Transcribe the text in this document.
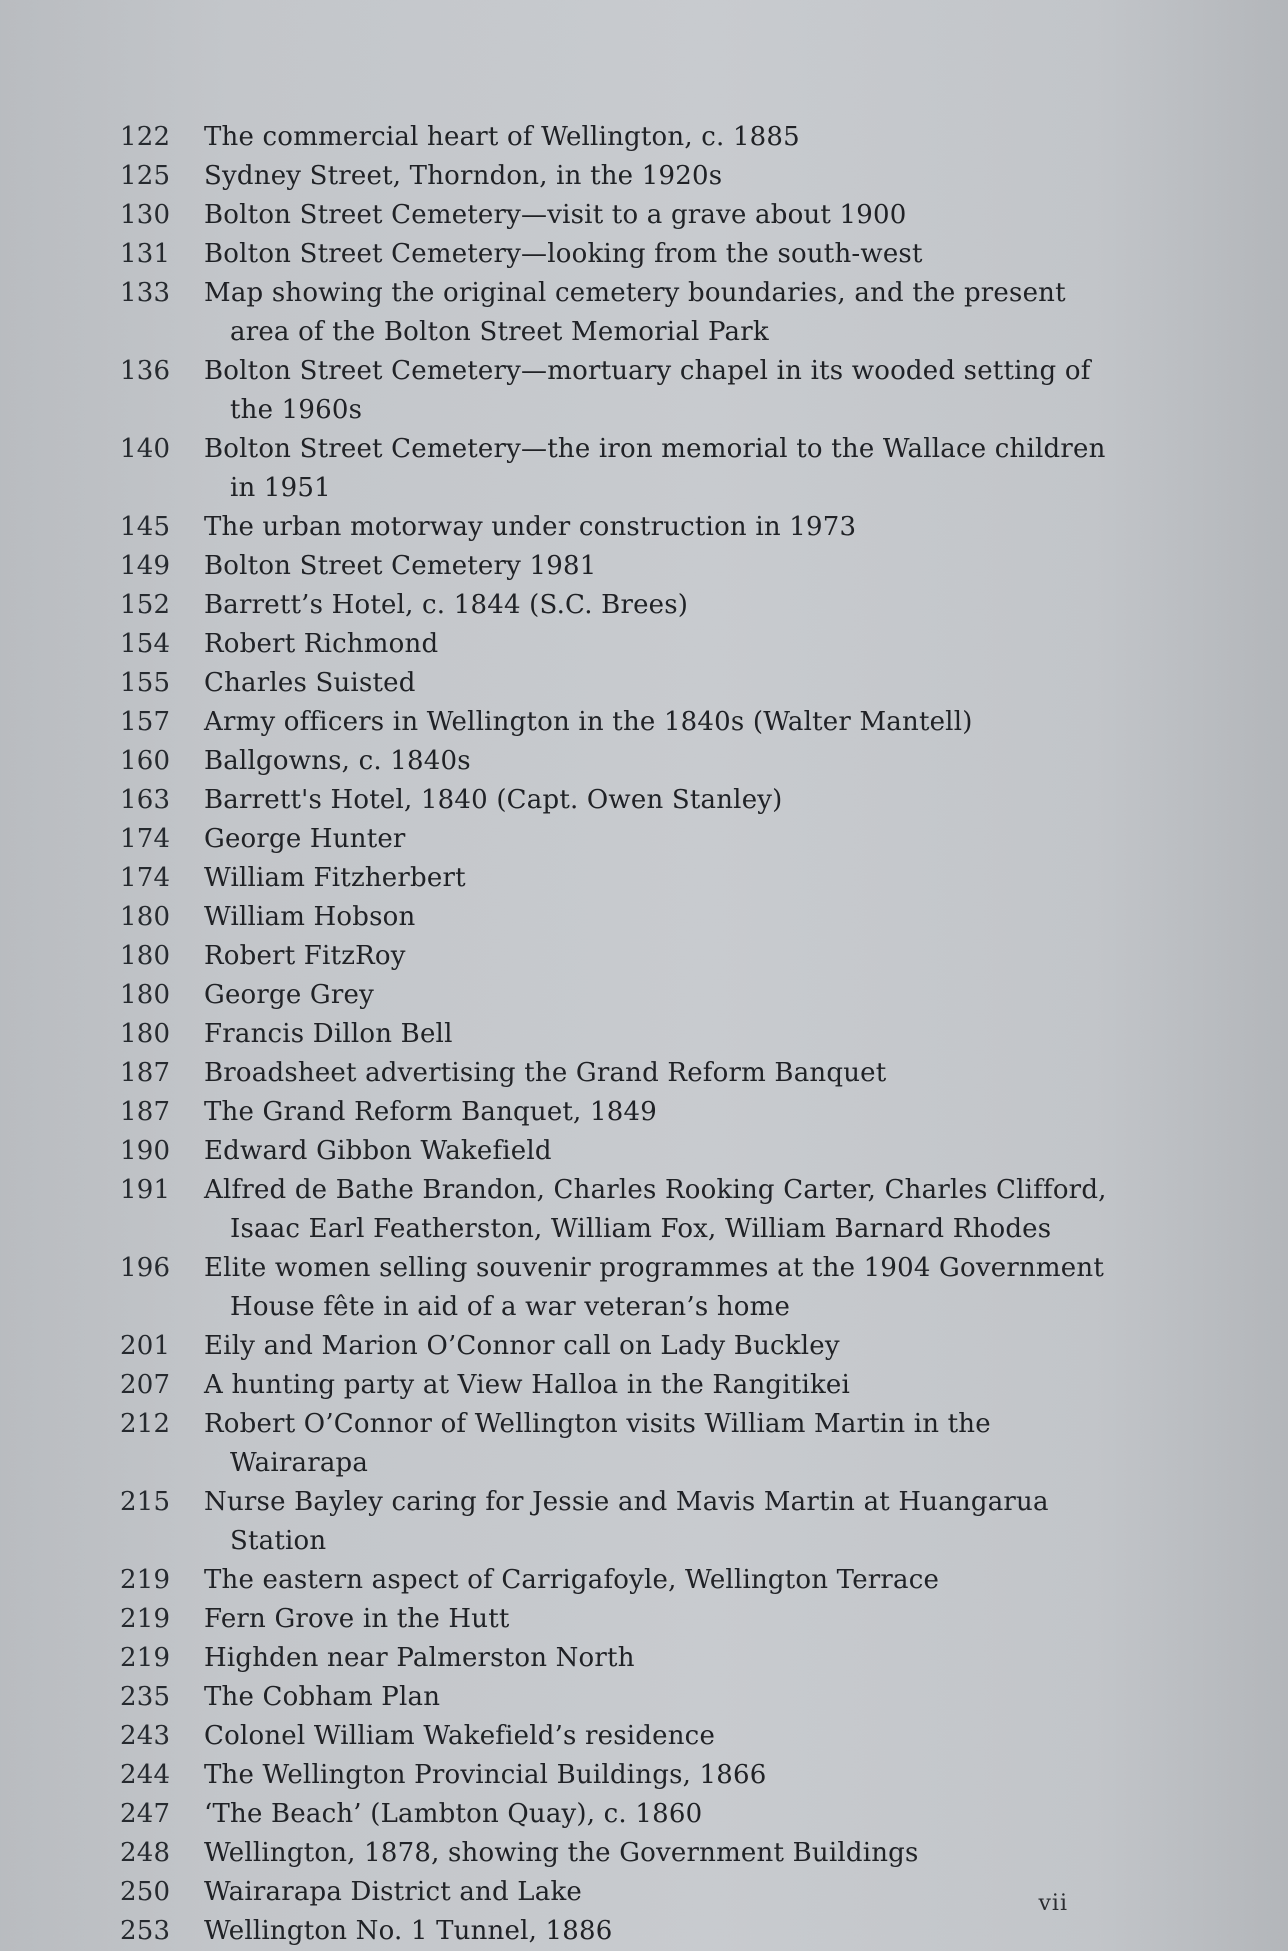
122	The commercial heart of Wellington, c. 1885
125	Sydney Street, Thorndon, in the 1920s
130	Bolton Street Cemetery—visit to a grave about 1900
131	Bolton Street Cemetery—looking from the south-west
133	Map showing the original cemetery boundaries, and the present area of the Bolton Street Memorial Park
136	Bolton Street Cemetery—mortuary chapel in its wooded setting of the 1960s
140	Bolton Street Cemetery—the iron memorial to the Wallace children in 1951
145	The urban motorway under construction in 1973
149	Bolton Street Cemetery 1981
152	Barrett’s Hotel, c. 1844 (S.C. Brees)
154	Robert Richmond
155	Charles Suisted
157	Army officers in Wellington in the 1840s (Walter Mantell)
160	Ballgowns, c. 1840s
163	Barrett's Hotel, 1840 (Capt. Owen Stanley)
174	George Hunter
174	William Fitzherbert
180	William Hobson
180	Robert FitzRoy
180	George Grey
180	Francis Dillon Bell
187	Broadsheet advertising the Grand Reform Banquet
187	The Grand Reform Banquet, 1849
190	Edward Gibbon Wakefield
191	Alfred de Bathe Brandon, Charles Rooking Carter, Charles Clifford, Isaac Earl Featherston, William Fox, William Barnard Rhodes
196	Elite women selling souvenir programmes at the 1904 Government House fête in aid of a war veteran’s home
201	Eily and Marion O’Connor call on Lady Buckley
207	A hunting party at View Halloa in the Rangitikei
212	Robert O’Connor of Wellington visits William Martin in the Wairarapa
215	Nurse Bayley caring for Jessie and Mavis Martin at Huangarua Station
219	The eastern aspect of Carrigafoyle, Wellington Terrace
219	Fern Grove in the Hutt
219	Highden near Palmerston North
235	The Cobham Plan
243	Colonel William Wakefield’s residence
244	The Wellington Provincial Buildings, 1866
247	‘The Beach’ (Lambton Quay), c. 1860
248	Wellington, 1878, showing the Government Buildings
250	Wairarapa District and Lake
253	Wellington No. 1 Tunnel, 1886
vii
